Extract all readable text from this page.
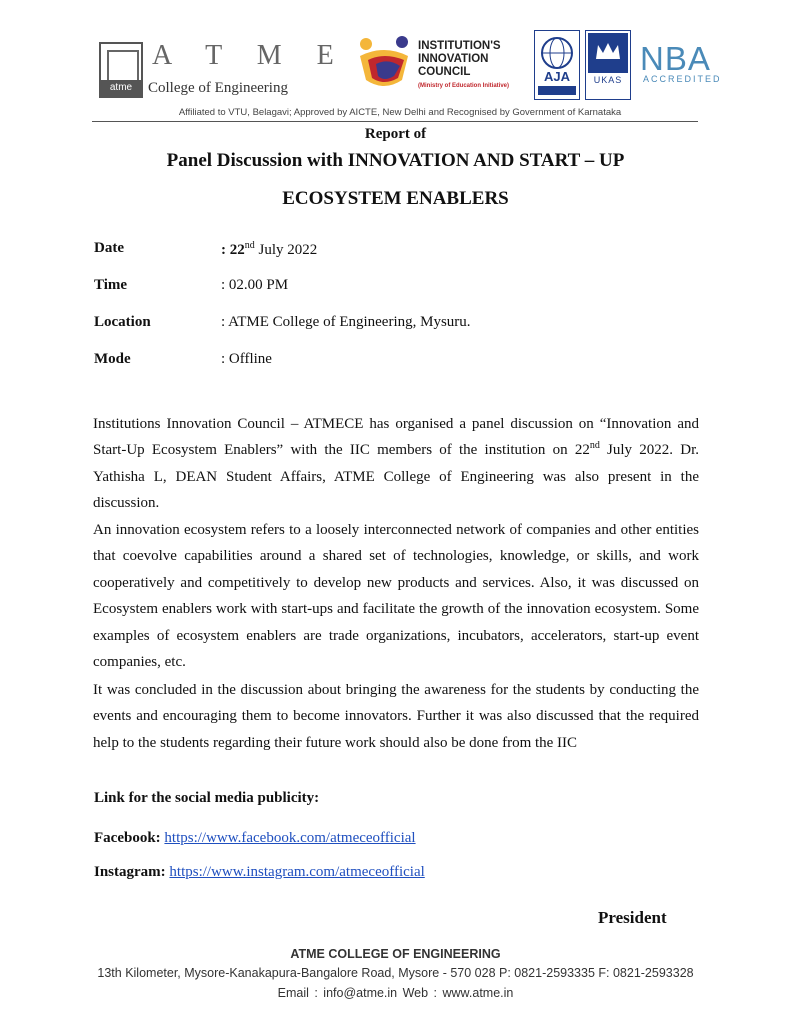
atme
A T M E
College of Engineering
INSTITUTION'S
INNOVATION
COUNCIL
(Ministry of Education Initiative)
AJA	UKAS
NBA
ACCREDITED
Affiliated to VTU, Belagavi; Approved by AICTE, New Delhi and Recognised by Government of Karnataka
Report of
Panel Discussion with INNOVATION AND START – UP
ECOSYSTEM ENABLERS
Date	: 22nd July 2022
Time	: 02.00 PM
Location	: ATME College of Engineering, Mysuru.
Mode	: Offline
Institutions Innovation Council – ATMECE has organised a panel discussion on “Innovation and Start-Up Ecosystem Enablers” with the IIC members of the institution on 22nd July 2022. Dr. Yathisha L, DEAN Student Affairs, ATME College of Engineering was also present in the discussion.
An innovation ecosystem refers to a loosely interconnected network of companies and other entities that coevolve capabilities around a shared set of technologies, knowledge, or skills, and work cooperatively and competitively to develop new products and services. Also, it was discussed on Ecosystem enablers work with start-ups and facilitate the growth of the innovation ecosystem. Some examples of ecosystem enablers are trade organizations, incubators, accelerators, start-up event companies, etc.
It was concluded in the discussion about bringing the awareness for the students by conducting the events and encouraging them to become innovators. Further it was also discussed that the required help to the students regarding their future work should also be done from the IIC
Link for the social media publicity:
Facebook: https://www.facebook.com/atmeceofficial
Instagram: https://www.instagram.com/atmeceofficial
President
ATME COLLEGE OF ENGINEERING
13th Kilometer, Mysore-Kanakapura-Bangalore Road, Mysore - 570 028 P: 0821-2593335 F: 0821-2593328
Email : info@atme.in Web : www.atme.in
